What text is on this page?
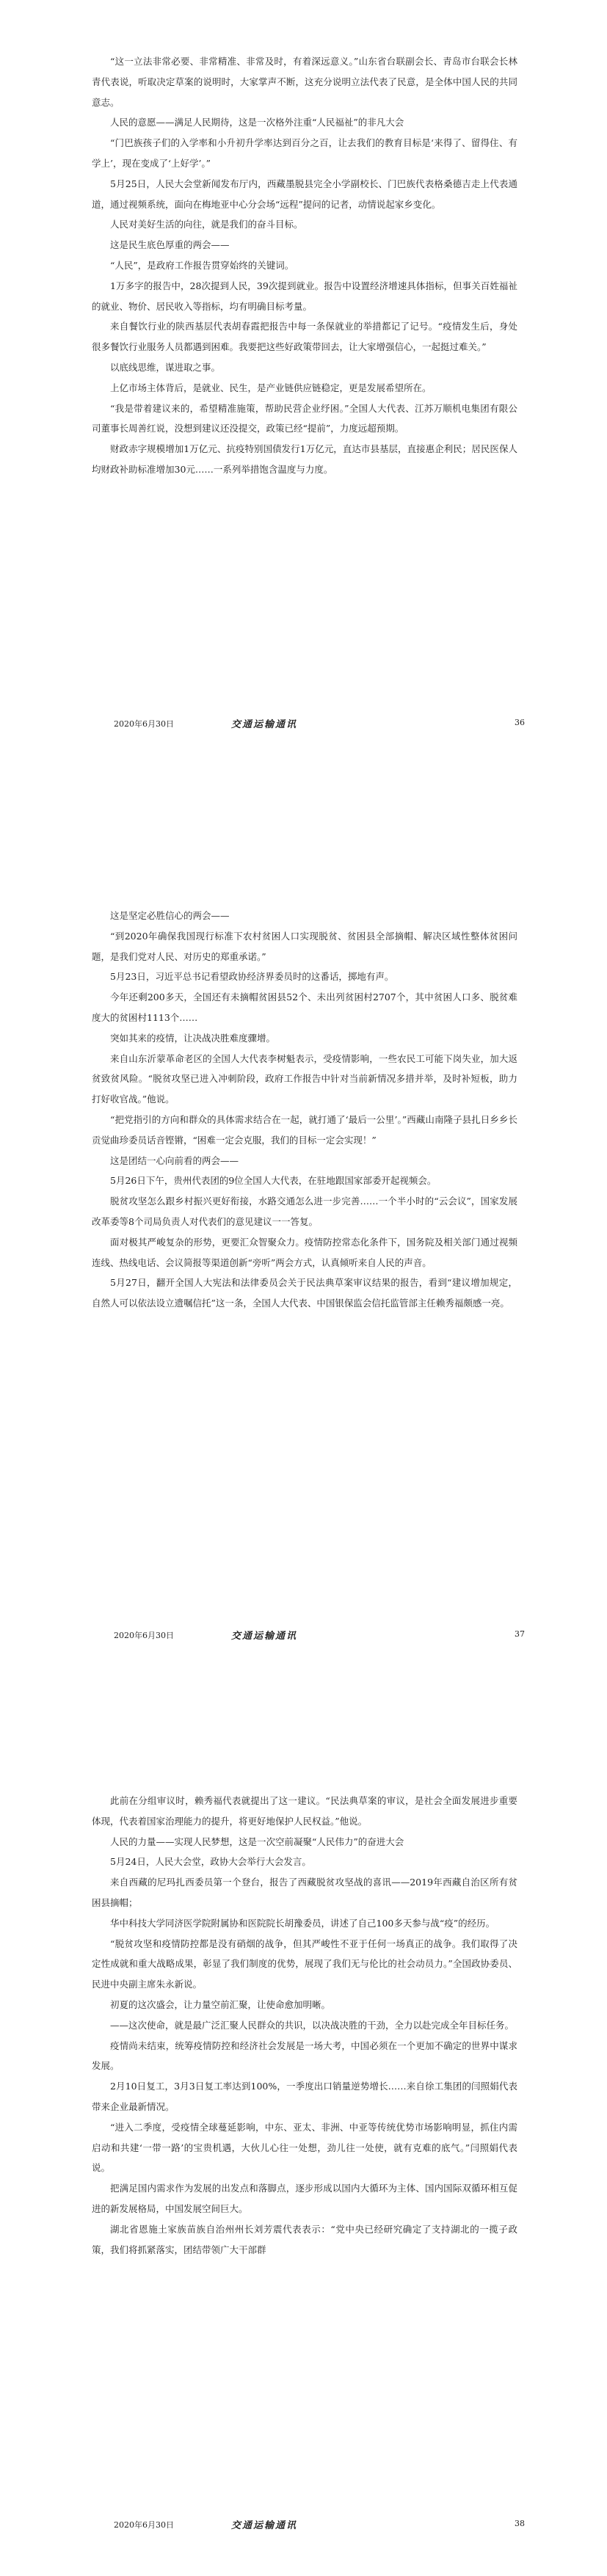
“这一立法非常必要、非常精准、非常及时，有着深远意义。”山东省台联副会长、青岛市台联会长林青代表说，听取决定草案的说明时，大家掌声不断，这充分说明立法代表了民意，是全体中国人民的共同意志。

人民的意愿——满足人民期待，这是一次格外注重“人民福祉”的非凡大会

“门巴族孩子们的入学率和小升初升学率达到百分之百，让去我们的教育目标是‘来得了、留得住、有学上’，现在变成了‘上好学’。”

5月25日，人民大会堂新闻发布厅内，西藏墨脱县完全小学副校长、门巴族代表格桑德吉走上代表通道，通过视频系统，面向在梅地亚中心分会场“远程”提问的记者，动情说起家乡变化。

人民对美好生活的向往，就是我们的奋斗目标。

这是民生底色厚重的两会——

“人民”，是政府工作报告贯穿始终的关键词。

1万多字的报告中，28次提到人民，39次提到就业。报告中设置经济增速具体指标，但事关百姓福祉的就业、物价、居民收入等指标，均有明确目标考量。

来自餐饮行业的陕西基层代表胡春霞把报告中每一条保就业的举措都记了记号。“疫情发生后，身处很多餐饮行业服务人员都遇到困难。我要把这些好政策带回去，让大家增强信心，一起挺过难关。”

以底线思维，谋进取之事。

上亿市场主体背后，是就业、民生，是产业链供应链稳定，更是发展希望所在。

“我是带着建议来的，希望精准施策，帮助民营企业纾困。”全国人大代表、江苏万顺机电集团有限公司董事长周善红说，没想到建议还没提交，政策已经“提前”，力度远超预期。

财政赤字规模增加1万亿元、抗疫特别国债发行1万亿元，直达市县基层，直接惠企利民；居民医保人均财政补助标准增加30元……一系列举措饱含温度与力度。

2020年6月30日	交通运输通讯	36

这是坚定必胜信心的两会——

“到2020年确保我国现行标准下农村贫困人口实现脱贫、贫困县全部摘帽、解决区域性整体贫困问题，是我们党对人民、对历史的郑重承诺。”

5月23日，习近平总书记看望政协经济界委员时的这番话，掷地有声。

今年还剩200多天，全国还有未摘帽贫困县52个、未出列贫困村2707个，其中贫困人口多、脱贫难度大的贫困村1113个……

突如其来的疫情，让决战决胜难度骤增。

来自山东沂蒙革命老区的全国人大代表李树魁表示，受疫情影响，一些农民工可能下岗失业，加大返贫致贫风险。“脱贫攻坚已进入冲刺阶段，政府工作报告中针对当前新情况多措并举，及时补短板，助力打好收官战。”他说。

“把党指引的方向和群众的具体需求结合在一起，就打通了‘最后一公里’。”西藏山南隆子县扎日乡乡长贡觉曲珍委员话音铿锵，“困难一定会克服，我们的目标一定会实现！”

这是团结一心向前看的两会——

5月26日下午，贵州代表团的9位全国人大代表，在驻地跟国家部委开起视频会。

脱贫攻坚怎么跟乡村振兴更好衔接，水路交通怎么进一步完善……一个半小时的“云会议”，国家发展改革委等8个司局负责人对代表们的意见建议一一答复。

面对极其严峻复杂的形势，更要汇众智聚众力。疫情防控常态化条件下，国务院及相关部门通过视频连线、热线电话、会议简报等渠道创新“旁听”两会方式，认真倾听来自人民的声音。

5月27日，翻开全国人大宪法和法律委员会关于民法典草案审议结果的报告，看到“建议增加规定，自然人可以依法设立遗嘱信托”这一条，全国人大代表、中国银保监会信托监管部主任赖秀福颇感一亮。

2020年6月30日	交通运输通讯	37

此前在分组审议时，赖秀福代表就提出了这一建议。“民法典草案的审议，是社会全面发展进步重要体现，代表着国家治理能力的提升，将更好地保护人民权益。”他说。

人民的力量——实现人民梦想，这是一次空前凝聚“人民伟力”的奋进大会

5月24日，人民大会堂，政协大会举行大会发言。

来自西藏的尼玛扎西委员第一个登台，报告了西藏脱贫攻坚战的喜讯——2019年西藏自治区所有贫困县摘帽；

华中科技大学同济医学院附属协和医院院长胡豫委员，讲述了自己100多天参与战“疫”的经历。

“脱贫攻坚和疫情防控都是没有硝烟的战争，但其严峻性不亚于任何一场真正的战争。我们取得了决定性成就和重大战略成果，彰显了我们制度的优势，展现了我们无与伦比的社会动员力。”全国政协委员、民进中央副主席朱永新说。

初夏的这次盛会，让力量空前汇聚，让使命愈加明晰。

——这次使命，就是最广泛汇聚人民群众的共识，以决战决胜的干劲，全力以赴完成全年目标任务。

疫情尚未结束，统筹疫情防控和经济社会发展是一场大考，中国必须在一个更加不确定的世界中谋求发展。

2月10日复工，3月3日复工率达到100%，一季度出口销量逆势增长……来自徐工集团的闫照娟代表带来企业最新情况。

“进入二季度，受疫情全球蔓延影响，中东、亚太、非洲、中亚等传统优势市场影响明显，抓住内需启动和共建‘一带一路’的宝贵机遇，大伙儿心往一处想，劲儿往一处使，就有克难的底气。”闫照娟代表说。

把满足国内需求作为发展的出发点和落脚点，逐步形成以国内大循环为主体、国内国际双循环相互促进的新发展格局，中国发展空间巨大。

湖北省恩施土家族苗族自治州州长刘芳震代表表示：“党中央已经研究确定了支持湖北的一揽子政策，我们将抓紧落实，团结带领广大干部群

2020年6月30日	交通运输通讯	38
